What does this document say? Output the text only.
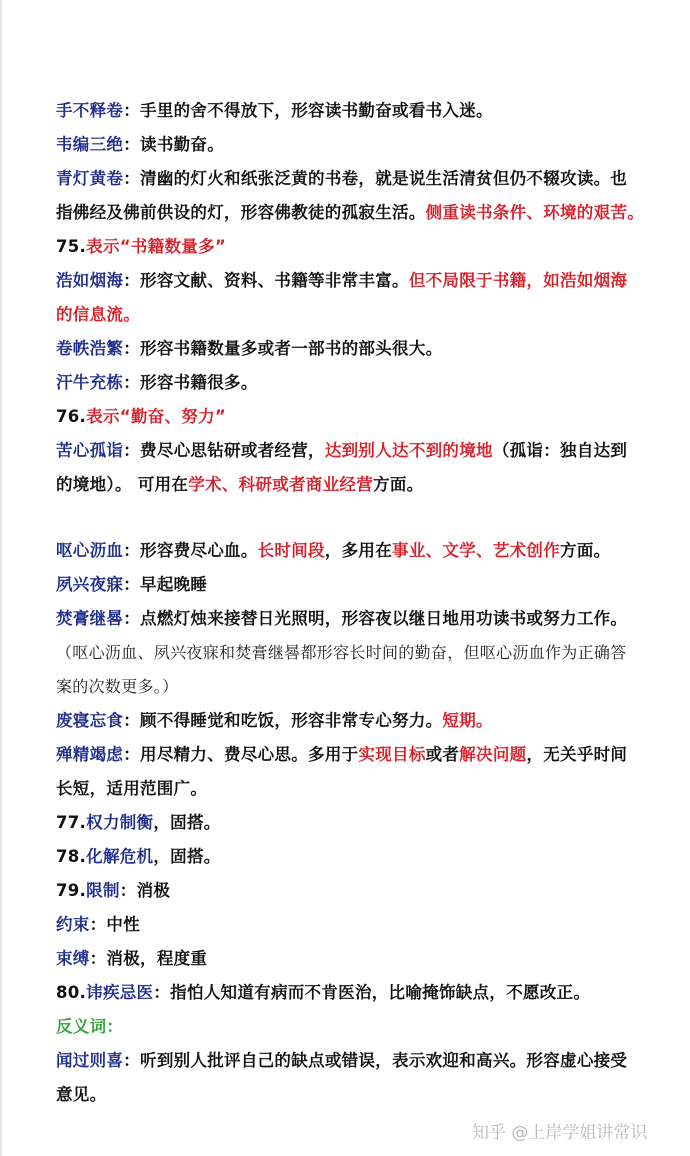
手不释卷：手里的舍不得放下，形容读书勤奋或看书入迷。
韦编三绝：读书勤奋。
青灯黄卷：清幽的灯火和纸张泛黄的书卷，就是说生活清贫但仍不辍攻读。也
指佛经及佛前供设的灯，形容佛教徒的孤寂生活。侧重读书条件、环境的艰苦。
75.表示“书籍数量多”
浩如烟海：形容文献、资料、书籍等非常丰富。但不局限于书籍，如浩如烟海
的信息流。
卷帙浩繁：形容书籍数量多或者一部书的部头很大。
汗牛充栋：形容书籍很多。
76.表示“勤奋、努力”
苦心孤诣：费尽心思钻研或者经营，达到别人达不到的境地（孤诣：独自达到
的境地）。 可用在学术、科研或者商业经营方面。
呕心沥血：形容费尽心血。长时间段，多用在事业、文学、艺术创作方面。
夙兴夜寐：早起晚睡
焚膏继晷：点燃灯烛来接替日光照明，形容夜以继日地用功读书或努力工作。
（呕心沥血、夙兴夜寐和焚膏继晷都形容长时间的勤奋，但呕心沥血作为正确答
案的次数更多。）
废寝忘食：顾不得睡觉和吃饭，形容非常专心努力。短期。
殚精竭虑：用尽精力、费尽心思。多用于实现目标或者解决问题，无关乎时间
长短，适用范围广。
77.权力制衡，固搭。
78.化解危机，固搭。
79.限制：消极
约束：中性
束缚：消极，程度重
80.讳疾忌医：指怕人知道有病而不肯医治，比喻掩饰缺点，不愿改正。
反义词：
闻过则喜：听到别人批评自己的缺点或错误，表示欢迎和高兴。形容虚心接受
意见。
知乎 @上岸学姐讲常识
